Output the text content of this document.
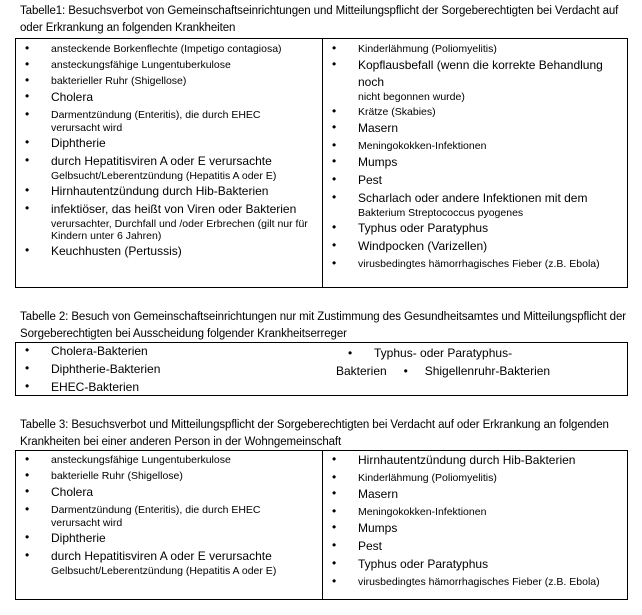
Tabelle1: Besuchsverbot von Gemeinschaftseinrichtungen und Mitteilungspflicht der Sorgeberechtigten bei Verdacht auf oder Erkrankung an folgenden Krankheiten
• ansteckende Borkenflechte (Impetigo contagiosa)
• ansteckungsfähige Lungentuberkulose
• bakterieller Ruhr (Shigellose)
• Cholera
• Darmentzündung (Enteritis), die durch EHEC
verursacht wird
• Diphtherie
• durch Hepatitisviren A oder E verursachte
Gelbsucht/Leberentzündung (Hepatitis A oder E)
• Hirnhautentzündung durch Hib-Bakterien
• infektiöser, das heißt von Viren oder Bakterien
verursachter, Durchfall und /oder Erbrechen (gilt nur für Kindern unter 6 Jahren)
• Keuchhusten (Pertussis)
• Kinderlähmung (Poliomyelitis)
• Kopflausbefall (wenn die korrekte Behandlung noch
nicht begonnen wurde)
• Krätze (Skabies)
• Masern
• Meningokokken-Infektionen
• Mumps
• Pest
• Scharlach oder andere Infektionen mit dem
Bakterium Streptococcus pyogenes
• Typhus oder Paratyphus
• Windpocken (Varizellen)
• virusbedingtes hämorrhagisches Fieber (z.B. Ebola)
Tabelle 2: Besuch von Gemeinschaftseinrichtungen nur mit Zustimmung des Gesundheitsamtes und Mitteilungspflicht der Sorgeberechtigten bei Ausscheidung folgender Krankheitserreger
• Cholera-Bakterien
• Diphtherie-Bakterien
• EHEC-Bakterien
• Typhus- oder Paratyphus-
Bakterien • Shigellenruhr-Bakterien
Tabelle 3: Besuchsverbot und Mitteilungspflicht der Sorgeberechtigten bei Verdacht auf oder Erkrankung an folgenden Krankheiten bei einer anderen Person in der Wohngemeinschaft
• ansteckungsfähige Lungentuberkulose
• bakterielle Ruhr (Shigellose)
• Cholera
• Darmentzündung (Enteritis), die durch EHEC
verursacht wird
• Diphtherie
• durch Hepatitisviren A oder E verursachte
Gelbsucht/Leberentzündung (Hepatitis A oder E)
• Hirnhautentzündung durch Hib-Bakterien
• Kinderlähmung (Poliomyelitis)
• Masern
• Meningokokken-Infektionen
• Mumps
• Pest
• Typhus oder Paratyphus
• virusbedingtes hämorrhagisches Fieber (z.B. Ebola)
